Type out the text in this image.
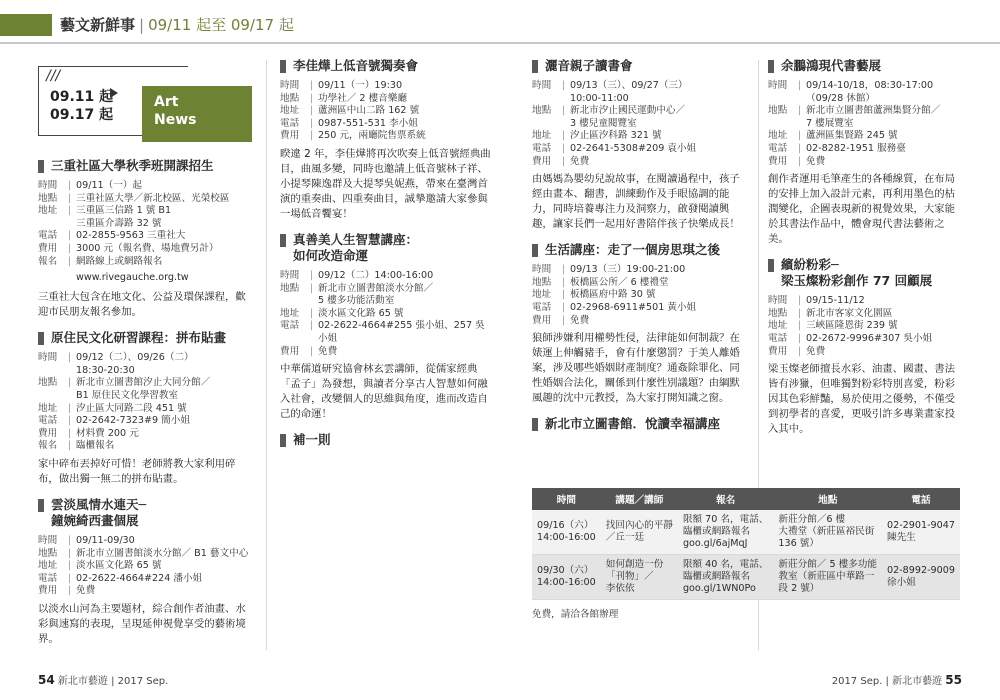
藝文新鮮事 | 09/11 起至 09/17 起
///
09.11 起
09.17 起
Art
News
三重社區大學秋季班開課招生
時間	| 09/11（一）起
地點	| 三重社區大學／新北校區、光榮校區
地址	| 三重區三信路 1 號 B1
三重區介壽路 32 號
電話	| 02-2855-9563 三重社大
費用	| 3000 元（報名費、場地費另計）
報名	| 網路線上或網路報名
www.rivegauche.org.tw
三重社大包含在地文化、公益及環保課程，歡迎市民朋友報名參加。
原住民文化研習課程：拼布貼畫
時間	| 09/12（二）、09/26（二）
18:30-20:30
地點	| 新北市立圖書館汐止大同分館／
B1 原住民文化學習教室
地址	| 汐止區大同路二段 451 號
電話	| 02-2642-7323#9 簡小姐
費用	| 材料費 200 元
報名	| 臨櫃報名
家中碎布丟掉好可惜！老師將教大家利用碎布，做出獨一無二的拼布貼畫。
雲淡風情水連天─
鐘婉綺西畫個展
時間	| 09/11-09/30
地點	| 新北市立圖書館淡水分館／ B1 藝文中心
地址	| 淡水區文化路 65 號
電話	| 02-2622-4664#224 潘小姐
費用	| 免費
以淡水山河為主要題材，綜合創作者油畫、水彩與速寫的表現，呈現延伸視覺享受的藝術境界。
李佳燁上低音號獨奏會
時間	| 09/11（一）19:30
地點	| 功學社／ 2 樓音樂廳
地址	| 蘆洲區中山二路 162 號
電話	| 0987-551-531 李小姐
費用	| 250 元，兩廳院售票系統
睽違 2 年，李佳燁將再次吹奏上低音號經典曲目，曲風多變，同時也邀請上低音號林子祥、小提琴陳逸群及大提琴吳妮燕，帶來在臺灣首演的重奏曲、四重奏曲目，誠摯邀請大家參與一場低音饗宴！
真善美人生智慧講座：
如何改造命運
時間	| 09/12（二）14:00-16:00
地點	| 新北市立圖書館淡水分館／
5 樓多功能活動室
地址	| 淡水區文化路 65 號
電話	| 02-2622-4664#255 張小姐、257 吳小姐
費用	| 免費
中華儒道研究協會林玄雲講師，從儒家經典「孟子」為發想，與讀者分享古人智慧如何融入社會，改變個人的思維與角度，進而改造自己的命運！
補一則
灑音親子讀書會
時間	| 09/13（三）、09/27（三）
10:00-11:00
地點	| 新北市汐止國民運動中心／
3 樓兒童閱覽室
地址	| 汐止區汐科路 321 號
電話	| 02-2641-5308#209 袁小姐
費用	| 免費
由媽媽為嬰幼兒說故事，在閱讀過程中，孩子經由畫本、翻書，訓練動作及手眼協調的能力，同時培養專注力及洞察力，啟發閱讀興趣，讓家長們一起用好書陪伴孩子快樂成長！
生活講座：走了一個房思琪之後
時間	| 09/13（三）19:00-21:00
地點	| 板橋區公所／ 6 樓禮堂
地址	| 板橋區府中路 30 號
電話	| 02-2968-6911#501 黃小姐
費用	| 免費
狼師涉嫌利用權勢性侵，法律能如何制裁？在婊運上伸觸豬手，會有什麼懲罰？于美人離婚案，涉及哪些婚姻財產制度？通姦除罪化、同性婚姻合法化，關係到什麼性別議題？由綱默風趣的沈中元教授，為大家打開知識之窗。
新北市立圖書館．悅讀幸福講座
余鵬鴻現代書藝展
時間	| 09/14-10/18，08:30-17:00
（09/28 休館）
地點	| 新北市立圖書館蘆洲集賢分館／
7 樓展覽室
地址	| 蘆洲區集賢路 245 號
電話	| 02-8282-1951 服務臺
費用	| 免費
創作者運用毛筆產生的各種線質，在布局的安排上加入設計元素，再利用墨色的枯潤變化，企圖表現新的視覺效果，大家能於其書法作品中，體會現代書法藝術之美。
繽紛粉彩─
梁玉燦粉彩創作 77 回顧展
時間	| 09/15-11/12
地點	| 新北市客家文化園區
地址	| 三峽區隆恩街 239 號
電話	| 02-2672-9996#307 吳小姐
費用	| 免費
梁玉燦老師擅長水彩、油畫、國畫、書法皆有涉獵，但唯獨對粉彩特別喜愛，粉彩因其色彩鮮豔，易於使用之優勢，不僅受到初學者的喜愛，更吸引許多專業畫家投入其中。
時間	講題／講師	報名	地點	電話
09/16（六）
14:00-16:00	找回內心的平靜
／丘一廷	限額 70 名，電話、
臨櫃或網路報名
goo.gl/6ajMqJ	新莊分館／6 樓
大禮堂（新莊區裕民街
136 號）	02-2901-9047
陳先生
09/30（六）
14:00-16:00	如何創造一份
「刊物」／
李依依	限額 40 名，電話、
臨櫃或網路報名
goo.gl/1WN0Po	新莊分館／ 5 樓多功能
教室（新莊區中華路一
段 2 號）	02-8992-9009
徐小姐
免費，請洽各館辦理
54 新北市藝遊 | 2017 Sep.	2017 Sep. | 新北市藝遊 55
